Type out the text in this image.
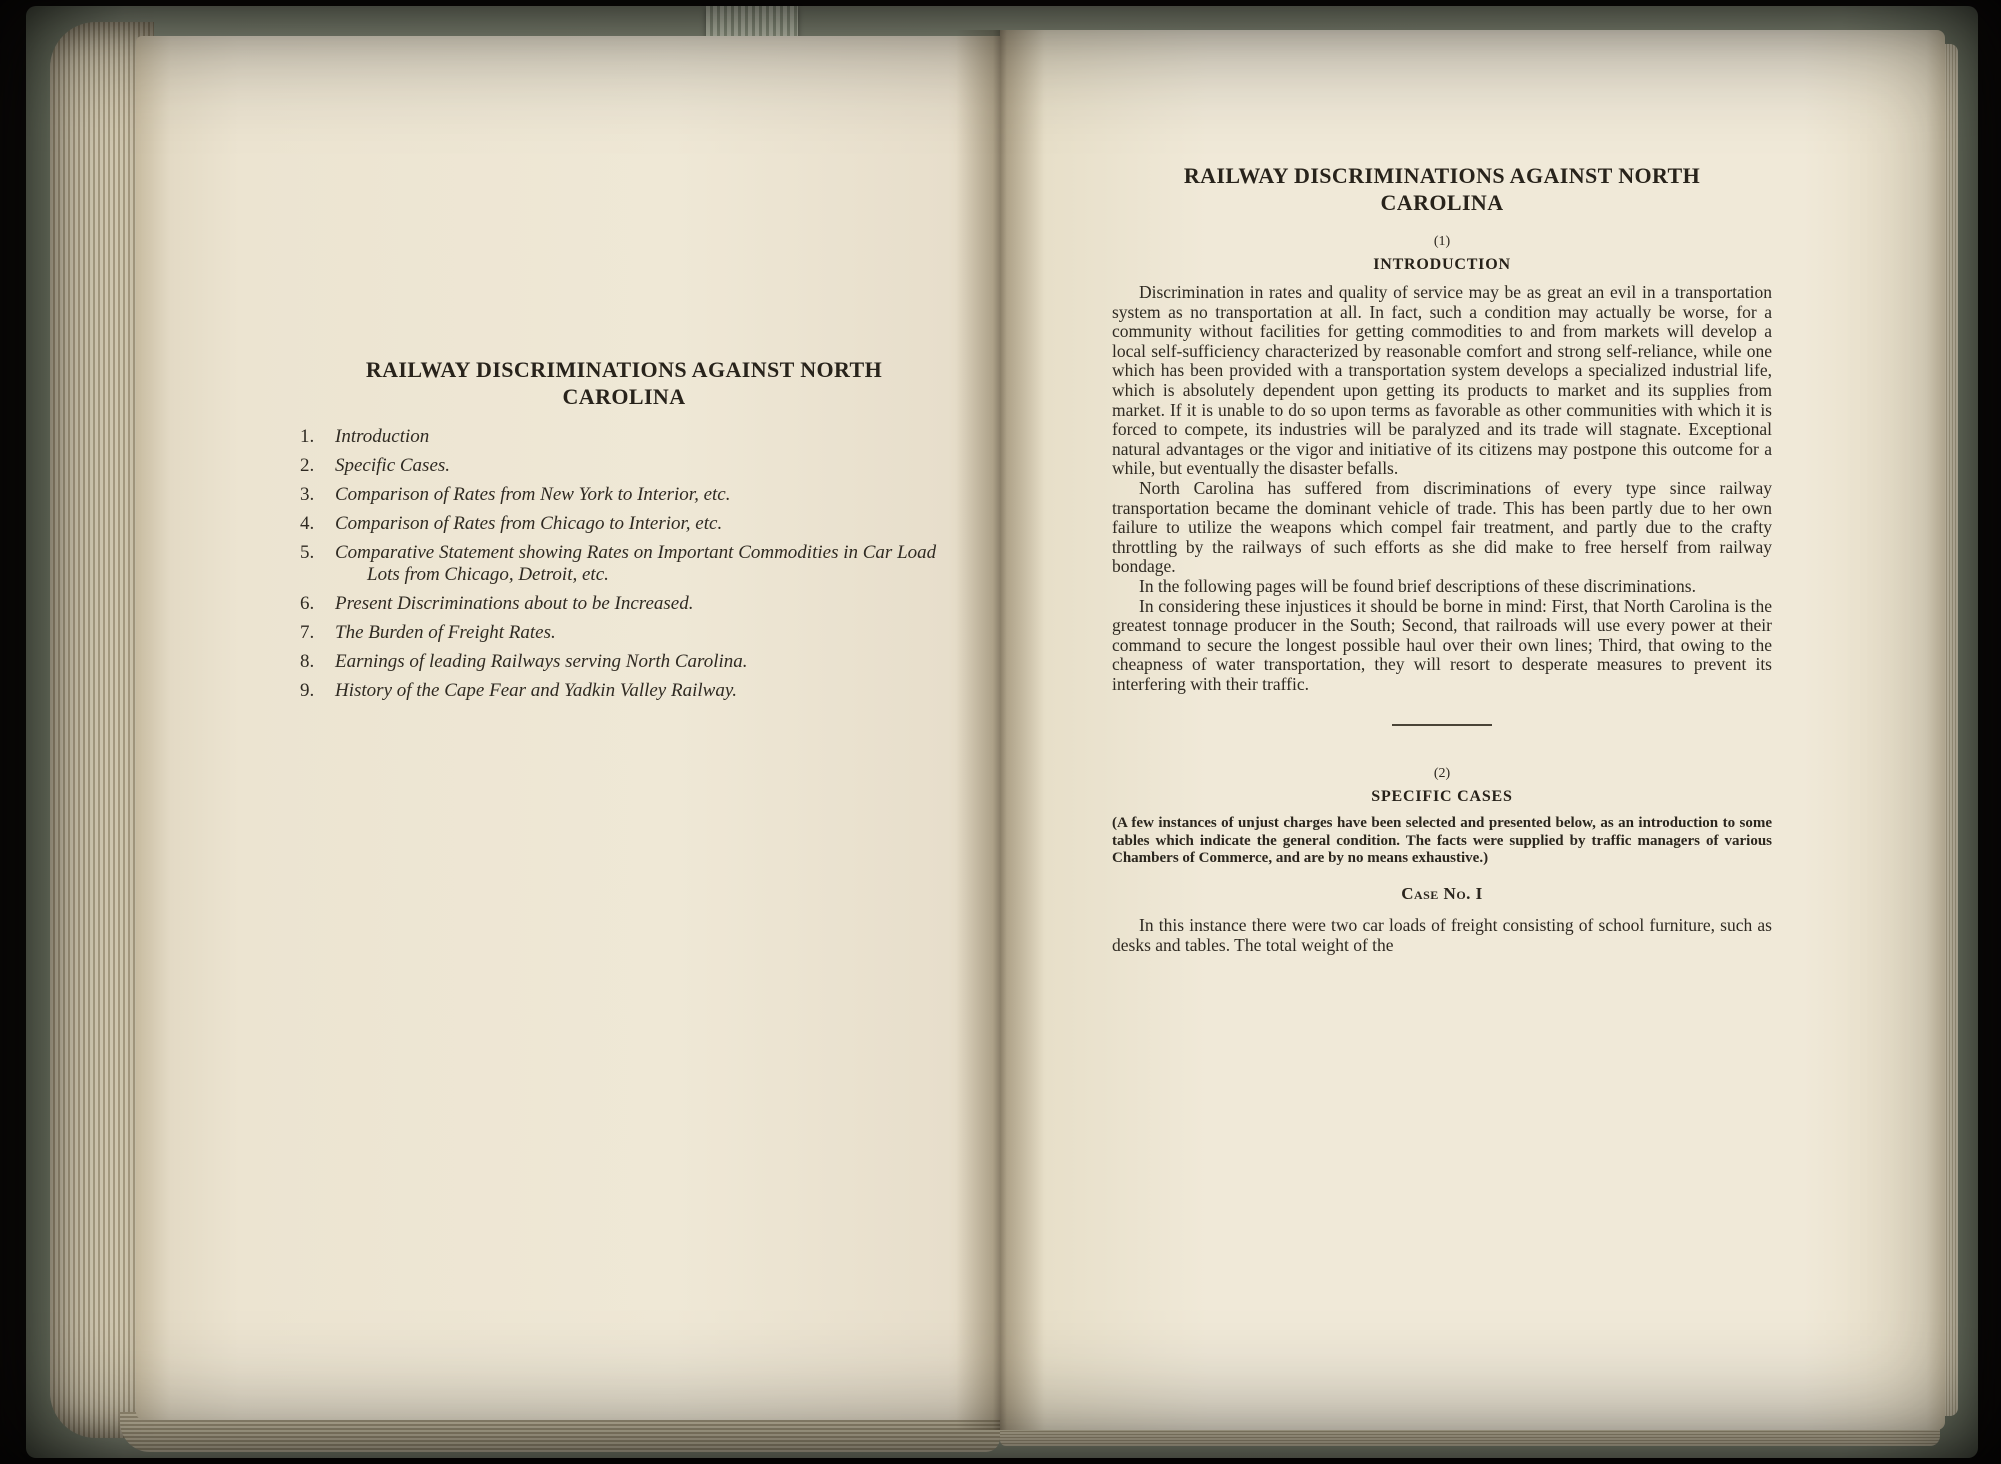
RAILWAY DISCRIMINATIONS AGAINST NORTH
CAROLINA
1.	Introduction
2.	Specific Cases.
3.	Comparison of Rates from New York to Interior, etc.
4.	Comparison of Rates from Chicago to Interior, etc.
5.	Comparative Statement showing Rates on Important Commodities in Car Load Lots from Chicago, Detroit, etc.
6.	Present Discriminations about to be Increased.
7.	The Burden of Freight Rates.
8.	Earnings of leading Railways serving North Carolina.
9.	History of the Cape Fear and Yadkin Valley Railway.
RAILWAY DISCRIMINATIONS AGAINST NORTH
CAROLINA

(1)

INTRODUCTION

Discrimination in rates and quality of service may be as great an evil in a transportation system as no transportation at all. In fact, such a condition may actually be worse, for a community without facilities for getting commodities to and from markets will develop a local self-sufficiency characterized by reasonable comfort and strong self-reliance, while one which has been provided with a transportation system develops a specialized industrial life, which is absolutely dependent upon getting its products to market and its supplies from market. If it is unable to do so upon terms as favorable as other communities with which it is forced to compete, its industries will be paralyzed and its trade will stagnate. Exceptional natural advantages or the vigor and initiative of its citizens may postpone this outcome for a while, but eventually the disaster befalls.

North Carolina has suffered from discriminations of every type since railway transportation became the dominant vehicle of trade. This has been partly due to her own failure to utilize the weapons which compel fair treatment, and partly due to the crafty throttling by the railways of such efforts as she did make to free herself from railway bondage.

In the following pages will be found brief descriptions of these discriminations.

In considering these injustices it should be borne in mind: First, that North Carolina is the greatest tonnage producer in the South; Second, that railroads will use every power at their command to secure the longest possible haul over their own lines; Third, that owing to the cheapness of water transportation, they will resort to desperate measures to prevent its interfering with their traffic.

(2)

SPECIFIC CASES

(A few instances of unjust charges have been selected and presented below, as an introduction to some tables which indicate the general condition. The facts were supplied by traffic managers of various Chambers of Commerce, and are by no means exhaustive.)

Case No. I

In this instance there were two car loads of freight consisting of school furniture, such as desks and tables. The total weight of the
